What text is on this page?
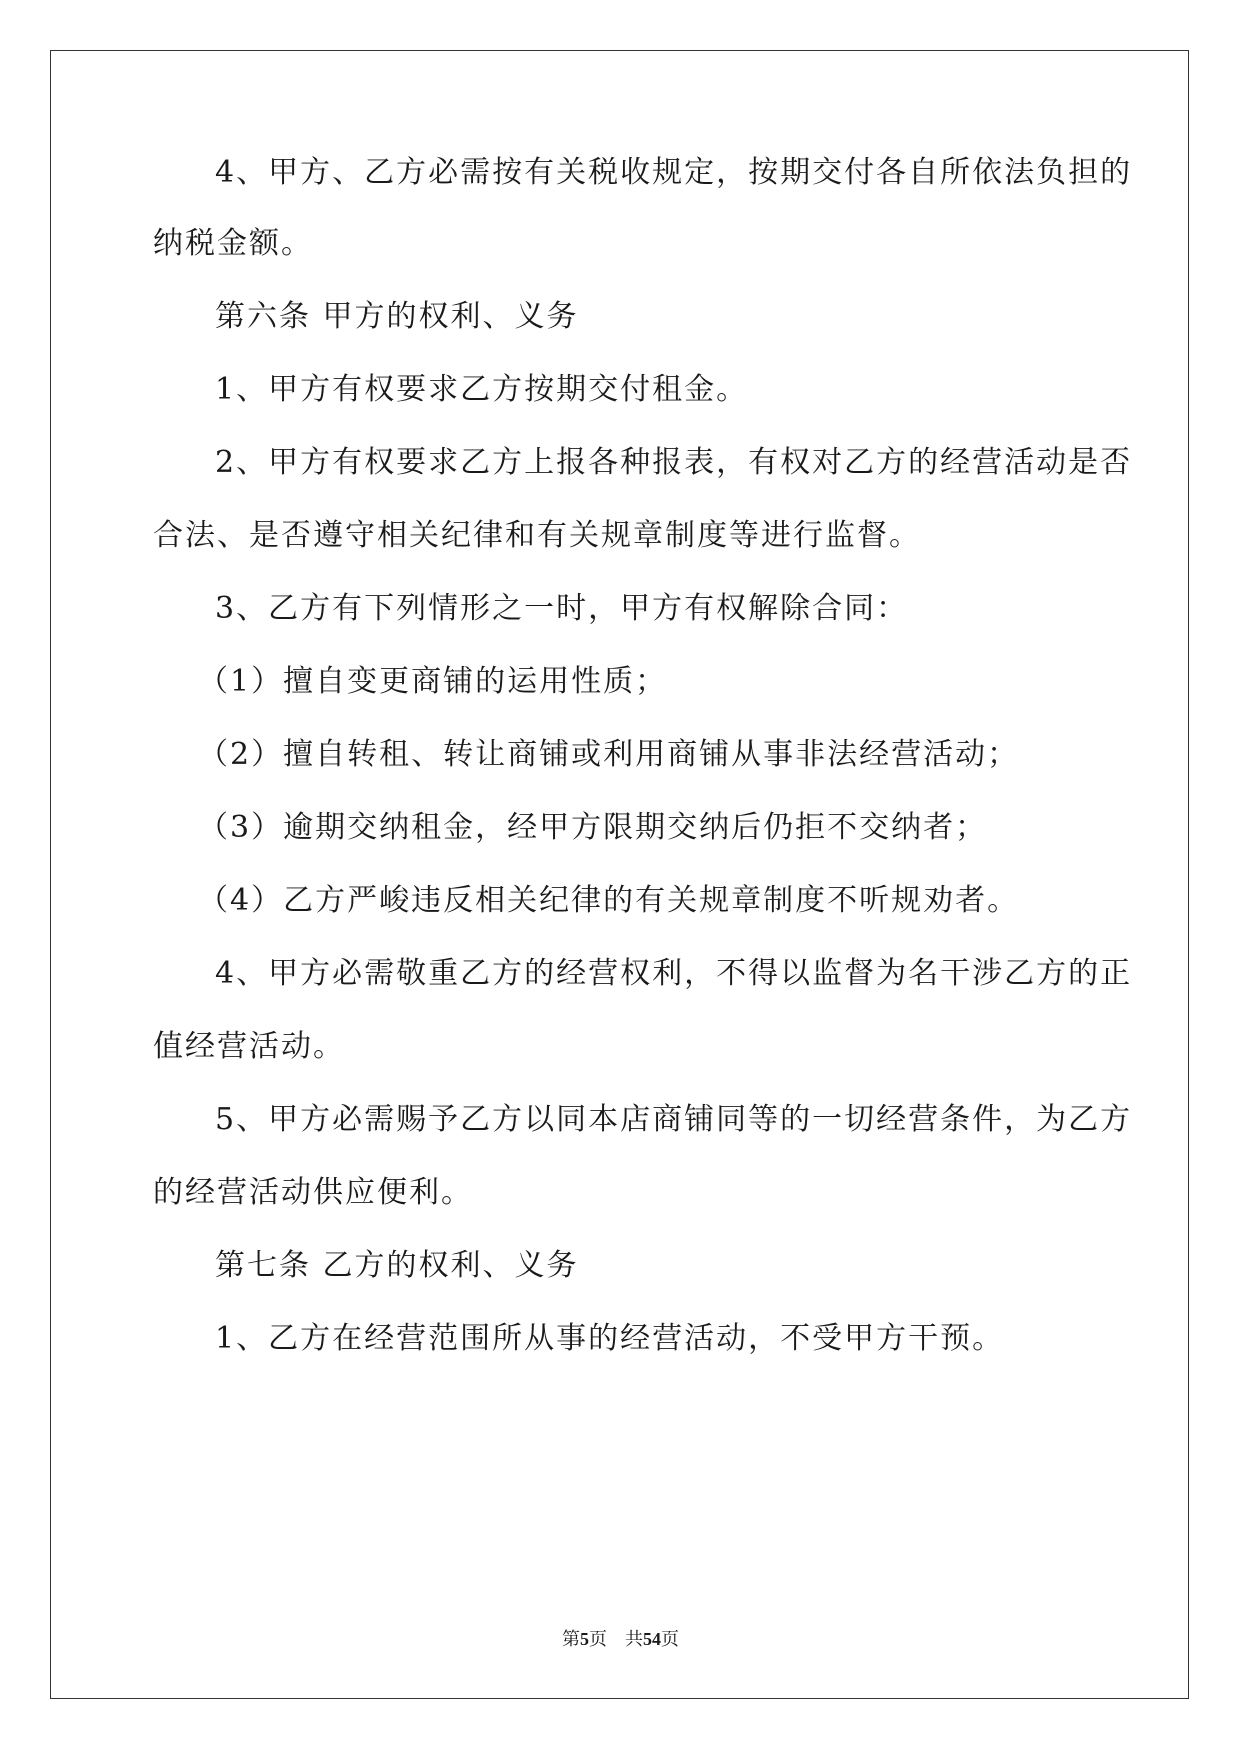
4、甲方、乙方必需按有关税收规定，按期交付各自所依法负担的
纳税金额。
第六条 甲方的权利、义务
1、甲方有权要求乙方按期交付租金。
2、甲方有权要求乙方上报各种报表，有权对乙方的经营活动是否
合法、是否遵守相关纪律和有关规章制度等进行监督。
3、乙方有下列情形之一时，甲方有权解除合同：
（1）擅自变更商铺的运用性质；
（2）擅自转租、转让商铺或利用商铺从事非法经营活动；
（3）逾期交纳租金，经甲方限期交纳后仍拒不交纳者；
（4）乙方严峻违反相关纪律的有关规章制度不听规劝者。
4、甲方必需敬重乙方的经营权利，不得以监督为名干涉乙方的正
值经营活动。
5、甲方必需赐予乙方以同本店商铺同等的一切经营条件，为乙方
的经营活动供应便利。
第七条 乙方的权利、义务
1、乙方在经营范围所从事的经营活动，不受甲方干预。
第5页　共54页
